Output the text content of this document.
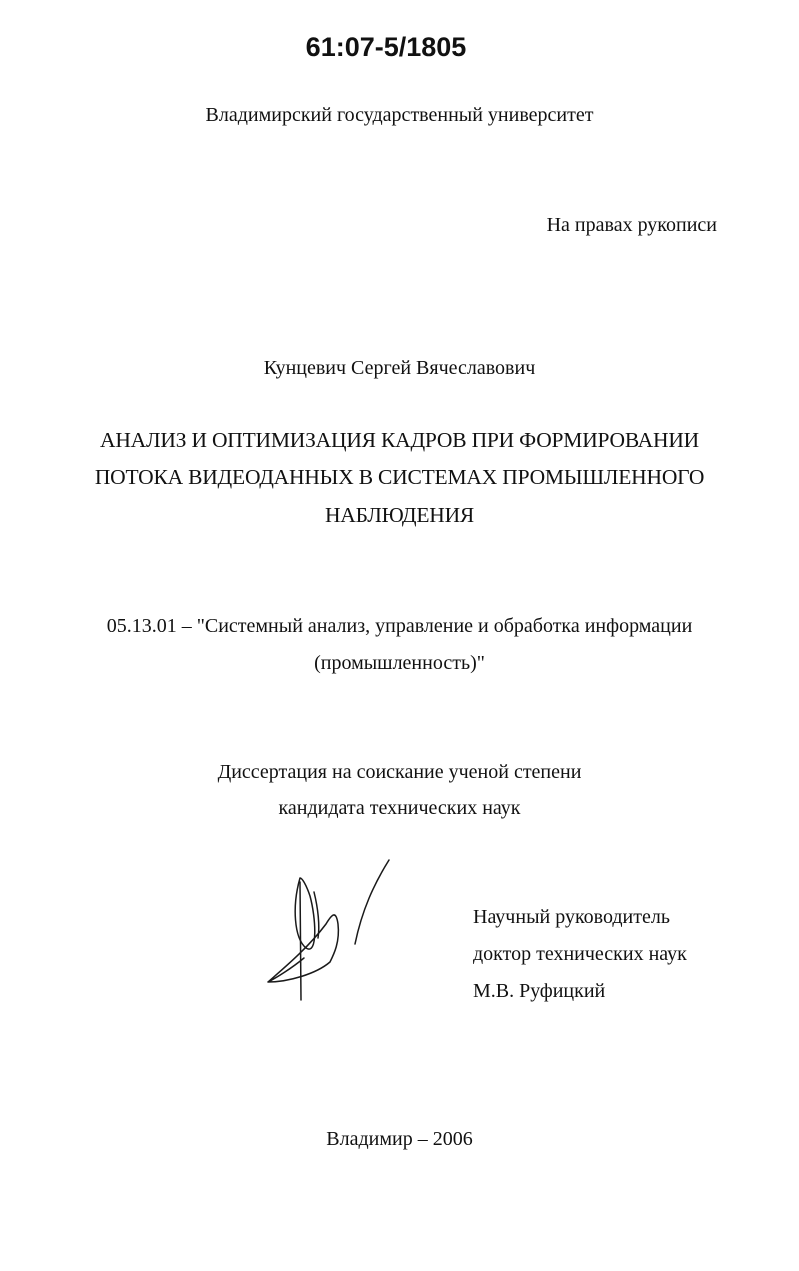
61:07-5/1805
Владимирский государственный университет
На правах рукописи
Кунцевич Сергей Вячеславович
АНАЛИЗ И ОПТИМИЗАЦИЯ КАДРОВ ПРИ ФОРМИРОВАНИИ
ПОТОКА ВИДЕОДАННЫХ В СИСТЕМАХ ПРОМЫШЛЕННОГО
НАБЛЮДЕНИЯ
05.13.01 – "Системный анализ, управление и обработка информации
(промышленность)"
Диссертация на соискание ученой степени
кандидата технических наук
Научный руководитель
доктор технических наук
М.В. Руфицкий
Владимир – 2006
